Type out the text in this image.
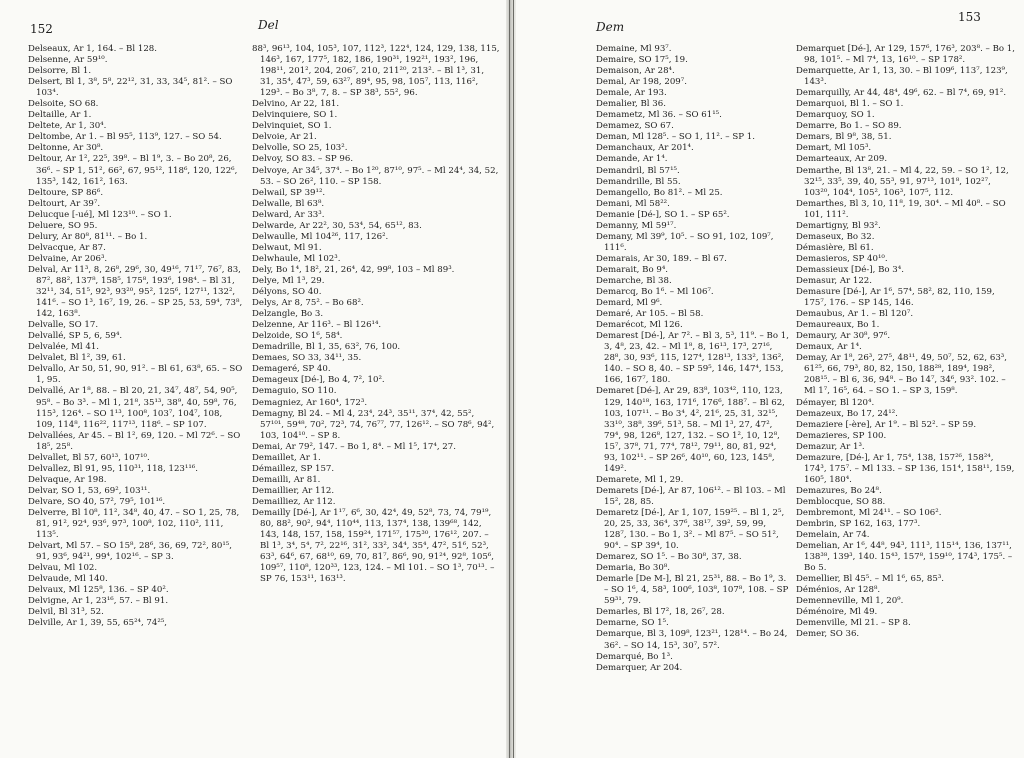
152	Del
Delseaux, Ar 1, 164. – Bl 128.
Delsenne, Ar 59¹⁰.
Delsorre, Bl 1.
Delsert, Bl 1, 3⁸, 5⁸, 22¹², 31, 33, 34⁵, 81². – SO 103⁴.
Delsoite, SO 68.
Deltaille, Ar 1.
Deltete, Ar 1, 30⁴.
Deltombe, Ar 1. – Bl 95⁵, 113⁹, 127. – SO 54.
Deltonne, Ar 30⁸.
Deltour, Ar 1², 22⁵, 39⁸. – Bl 1⁹, 3. – Bo 20⁸, 26, 36⁶. – SP 1, 51², 66², 67, 95¹², 118⁶, 120, 122⁶, 135³, 142, 161², 163.
Deltoure, SP 86⁶.
Deltourt, Ar 39⁷.
Delucque [-ué], Ml 123¹⁰. – SO 1.
Deluere, SO 95.
Delury, Ar 80⁸, 81¹¹. – Bo 1.
Delvacque, Ar 87.
Delvaine, Ar 206³.
Delval, Ar 11³, 8, 26⁸, 29⁶, 30, 49¹⁶, 71¹⁷, 76⁷, 83, 87², 88², 137⁸, 158⁵, 175⁸, 193⁶, 198⁴. – Bl 31, 32¹¹, 34, 51⁵, 92³, 93²⁰, 95², 125⁶, 127¹¹, 132², 141⁶. – SO 1³, 16⁷, 19, 26. – SP 25, 53, 59⁴, 73⁸, 142, 163⁸.
Delvalle, SO 17.
Delvallé, SP 5, 6, 59⁴.
Delvalée, Ml 41.
Delvalet, Bl 1², 39, 61.
Delvallo, Ar 50, 51, 90, 91². – Bl 61, 63⁸, 65. – SO 1, 95.
Delvallé, Ar 1⁸, 88. – Bl 20, 21, 34⁷, 48⁷, 54, 90⁵, 95⁸. – Bo 3³. – Ml 1, 21⁸, 35¹³, 38⁹, 40, 59⁸, 76, 115³, 126⁴. – SO 1¹³, 100⁸, 103⁷, 104⁷, 108, 109, 114⁸, 116²², 117¹³, 118⁶. – SP 107.
Delvallées, Ar 45. – Bl 1², 69, 120. – Ml 72⁶. – SO 18⁵, 25⁸.
Delvallet, Bl 57, 60¹³, 107¹⁰.
Delvallez, Bl 91, 95, 110³¹, 118, 123¹¹⁶.
Delvaque, Ar 198.
Delvar, SO 1, 53, 69², 103¹¹.
Delvare, SO 40, 57², 79⁵, 101¹⁶.
Delverre, Bl 10⁸, 11², 34⁸, 40, 47. – SO 1, 25, 78, 81, 91², 92⁴, 93⁶, 97³, 100⁸, 102, 110², 111, 113⁵.
Delvart, Ml 57. – SO 15⁸, 28⁶, 36, 69, 72², 80¹⁵, 91, 93⁶, 94²¹, 99⁴, 102¹⁶. – SP 3.
Delvau, Ml 102.
Delvaude, Ml 140.
Delvaux, Ml 125⁸, 136. – SP 40².
Delvigne, Ar 1, 23¹⁶, 57. – Bl 91.
Delvil, Bl 31³, 52.
Delville, Ar 1, 39, 55, 65²⁴, 74²⁵,
88³, 96¹³, 104, 105³, 107, 112³, 122⁴, 124, 129, 138, 115, 146³, 167, 177⁵, 182, 186, 190³¹, 192²¹, 193², 196, 198¹¹, 201², 204, 206⁷, 210, 211²⁰, 213². – Bl 1³, 31, 31, 35⁴, 47³, 59, 63²⁷, 89⁴, 95, 98, 105⁷, 113, 116², 129³. – Bo 3⁸, 7, 8. – SP 38³, 55², 96.
Delvino, Ar 22, 181.
Delvinquiere, SO 1.
Delvinquiet, SO 1.
Delvoie, Ar 21.
Delvolle, SO 25, 103².
Delvoy, SO 83. – SP 96.
Delvoye, Ar 34⁵, 37⁴. – Bo 1²⁰, 87¹⁰, 97⁵. – Ml 24⁴, 34, 52, 53. – SO 26², 110. – SP 158.
Delwail, SP 39¹².
Delwalle, Bl 63⁸.
Delward, Ar 33³.
Delwarde, Ar 22², 30, 53⁴, 54, 65¹², 83.
Delwaulle, Ml 104²⁶, 117, 126².
Delwaut, Ml 91.
Delwhaule, Ml 102³.
Dely, Bo 1⁴, 18², 21, 26⁴, 42, 99⁸, 103 – Ml 89³.
Delye, Ml 1³, 29.
Délyons, SO 40.
Delys, Ar 8, 75². – Bo 68².
Delzangle, Bo 3.
Delzenne, Ar 116³. – Bl 126¹⁴.
Delzoide, SO 1⁶, 58⁴.
Demadrille, Bl 1, 35, 63², 76, 100.
Demaes, SO 33, 34¹¹, 35.
Demageré, SP 40.
Demageux [Dé-], Bo 4, 7², 10².
Demaguio, SO 110.
Demagniez, Ar 160⁴, 172³.
Demagny, Bl 24. – Ml 4, 23⁴, 24³, 35¹¹, 37⁴, 42, 55², 57¹⁰¹, 59⁴⁸, 70², 72³, 74, 76⁷⁷, 77, 126¹². – SO 78⁶, 94², 103, 104¹⁰. – SP 8.
Demai, Ar 79², 147. – Bo 1, 8⁴. – Ml 1⁵, 17⁴, 27.
Demaillet, Ar 1.
Démaillez, SP 157.
Demailli, Ar 81.
Demaillier, Ar 112.
Demailliez, Ar 112.
Demailly [Dé-], Ar 1¹⁷, 6⁶, 30, 42⁴, 49, 52⁸, 73, 74, 79¹⁹, 80, 88², 90², 94⁴, 110⁴⁴, 113, 137⁴, 138, 139⁶⁸, 142, 143, 148, 157, 158, 159²⁴, 171⁵⁷, 175³⁰, 176¹², 207. – Bl 1³, 3⁴, 5⁴, 7², 22¹⁶, 31², 33², 34⁴, 35⁴, 47², 51⁶, 52³, 63³, 64⁶, 67, 68¹⁰, 69, 70, 81⁷, 86⁶, 90, 91²⁴, 92⁸, 105⁶, 109⁵⁷, 110⁸, 120³³, 123, 124. – Ml 101. – SO 1³, 70¹³. – SP 76, 153¹¹, 163¹³.
Dem
153
Demaine, Ml 93⁷.
Demaire, SO 17⁵, 19.
Demaison, Ar 28⁴.
Demal, Ar 198, 209⁷.
Demale, Ar 193.
Demalier, Bl 36.
Demametz, Ml 36. – SO 61¹⁵.
Demamez, SO 67.
Deman, Ml 128⁵. – SO 1, 11². – SP 1.
Demanchaux, Ar 201⁴.
Demande, Ar 1⁴.
Demandril, Bl 57¹⁵.
Demandrille, Bl 55.
Demangello, Bo 81². – Ml 25.
Demani, Ml 58²².
Demanie [Dé-], SO 1. – SP 65².
Demanny, Ml 59¹⁷.
Demany, Ml 39⁹, 10⁵. – SO 91, 102, 109⁷, 111⁶.
Demarais, Ar 30, 189. – Bl 67.
Demarait, Bo 9⁴.
Demarche, Bl 38.
Demarcq, Bo 1⁶. – Ml 106⁷.
Demard, Ml 9⁶.
Demaré, Ar 105. – Bl 58.
Demarécot, Ml 126.
Demarest [Dé-], Ar 7². – Bl 3, 5³, 11⁹. – Bo 1, 3, 4⁸, 23, 42. – Ml 1⁸, 8, 16¹³, 17³, 27¹⁶, 28⁸, 30, 93⁶, 115, 127⁴, 128¹³, 133², 136², 140. – SO 8, 40. – SP 59⁵, 146, 147⁴, 153, 166, 167⁷, 180.
Demaret [Dé-], Ar 29, 83⁸, 103⁴², 110, 123, 129, 140¹⁸, 163, 171⁶, 176⁶, 188⁷. – Bl 62, 103, 107¹¹. – Bo 3⁴, 4², 21⁶, 25, 31, 32¹⁵, 33¹⁰, 38⁸, 39⁶, 51³, 58. – Ml 1³, 27, 47², 79⁴, 98, 126⁸, 127, 132. – SO 1², 10, 12⁸, 15⁷, 37⁸, 71, 77⁴, 78¹², 79¹¹, 80, 81, 92⁴, 93, 102¹¹. – SP 26⁶, 40¹⁰, 60, 123, 145⁸, 149².
Demarete, Ml 1, 29.
Demarets [Dé-], Ar 87, 106¹². – Bl 103. – Ml 15², 28, 85.
Demaretz [Dé-], Ar 1, 107, 159²⁵. – Bl 1, 2⁵, 20, 25, 33, 36⁴, 37⁶, 38¹⁷, 39², 59, 99, 128⁷, 130. – Bo 1, 3². – Ml 87⁵. – SO 51², 90⁴. – SP 39⁴, 10.
Demarez, SO 1⁵. – Bo 30⁸, 37, 38.
Demaria, Bo 30⁸.
Demarle [De M-], Bl 21, 25³¹, 88. – Bo 1⁹, 3. – SO 1⁶, 4, 58³, 100⁶, 103⁸, 107⁸, 108. – SP 59³¹, 79.
Demarles, Bl 17², 18, 26⁷, 28.
Demarne, SO 1⁵.
Demarque, Bl 3, 109⁸, 123²¹, 128¹⁴. – Bo 24, 36². – SO 14, 15³, 30⁷, 57².
Demarqué, Bo 1³.
Demarquer, Ar 204.
Demarquet [Dé-], Ar 129, 157⁶, 176³, 203⁸. – Bo 1, 98, 101⁵. – Ml 7⁴, 13, 16¹⁰. – SP 178².
Demarquette, Ar 1, 13, 30. – Bl 109⁶, 113⁷, 123⁹, 143³.
Demarquilly, Ar 44, 48⁴, 49⁶, 62. – Bl 7⁴, 69, 91².
Demarquoi, Bl 1. – SO 1.
Demarquoy, SO 1.
Demarre, Bo 1. – SO 89.
Demars, Bl 9⁸, 38, 51.
Demart, Ml 105³.
Demarteaux, Ar 209.
Demarthe, Bl 13⁸, 21. – Ml 4, 22, 59. – SO 1², 12, 32¹⁵, 33⁵, 39, 40, 55³, 91, 97¹³, 101⁸, 102²⁷, 103²⁰, 104⁴, 105², 106³, 107⁵, 112.
Demarthes, Bl 3, 10, 11⁸, 19, 30⁴. – Ml 40⁸. – SO 101, 111².
Demartigny, Bl 93².
Demaseux, Bo 32.
Démasière, Bl 61.
Demasieros, SP 40¹⁰.
Demassieux [Dé-], Bo 3⁴.
Demasur, Ar 122.
Demasure [Dé-], Ar 1⁶, 57⁴, 58², 82, 110, 159, 175⁷, 176. – SP 145, 146.
Demaubus, Ar 1. – Bl 120⁷.
Demaureaux, Bo 1.
Demaury, Ar 30⁸, 97⁶.
Demaux, Ar 1⁴.
Demay, Ar 1⁸, 26³, 27⁵, 48¹¹, 49, 50⁷, 52, 62, 63³, 61²⁵, 66, 79³, 80, 82, 150, 188²⁸, 189⁴, 198², 208¹⁵. – Bl 6, 36, 94⁸. – Bo 14⁷, 34⁶, 93². 102. – Ml 1⁷, 16⁵, 64. – SO 1. – SP 3, 159⁸.
Démayer, Bl 120⁴.
Demazeux, Bo 17, 24¹².
Demaziere [-ère], Ar 1⁹. – Bl 52². – SP 59.
Demazieres, SP 100.
Demazur, Ar 1³.
Demazure, [Dé-], Ar 1, 75⁴, 138, 157²⁶, 158²⁴, 174³, 175⁷. – Ml 133. – SP 136, 151⁴, 158¹¹, 159, 160⁵, 180⁴.
Demazures, Bo 24⁸.
Demblocque, SO 88.
Dembremont, Ml 24¹¹. – SO 106².
Dembrin, SP 162, 163, 177³.
Demelain, Ar 74.
Demelian, Ar 1⁶, 44⁸, 94³, 111³, 115¹⁴, 136, 137¹¹, 138³⁸, 139³, 140. 15⁴³, 157⁸, 159¹⁰, 174³, 175⁵. – Bo 5.
Demellier, Bl 45⁵. – Ml 1⁶, 65, 85³.
Déménios, Ar 128⁸.
Demenneville, Ml 1, 20⁹.
Déménoire, Ml 49.
Demenville, Ml 21. – SP 8.
Demer, SO 36.
